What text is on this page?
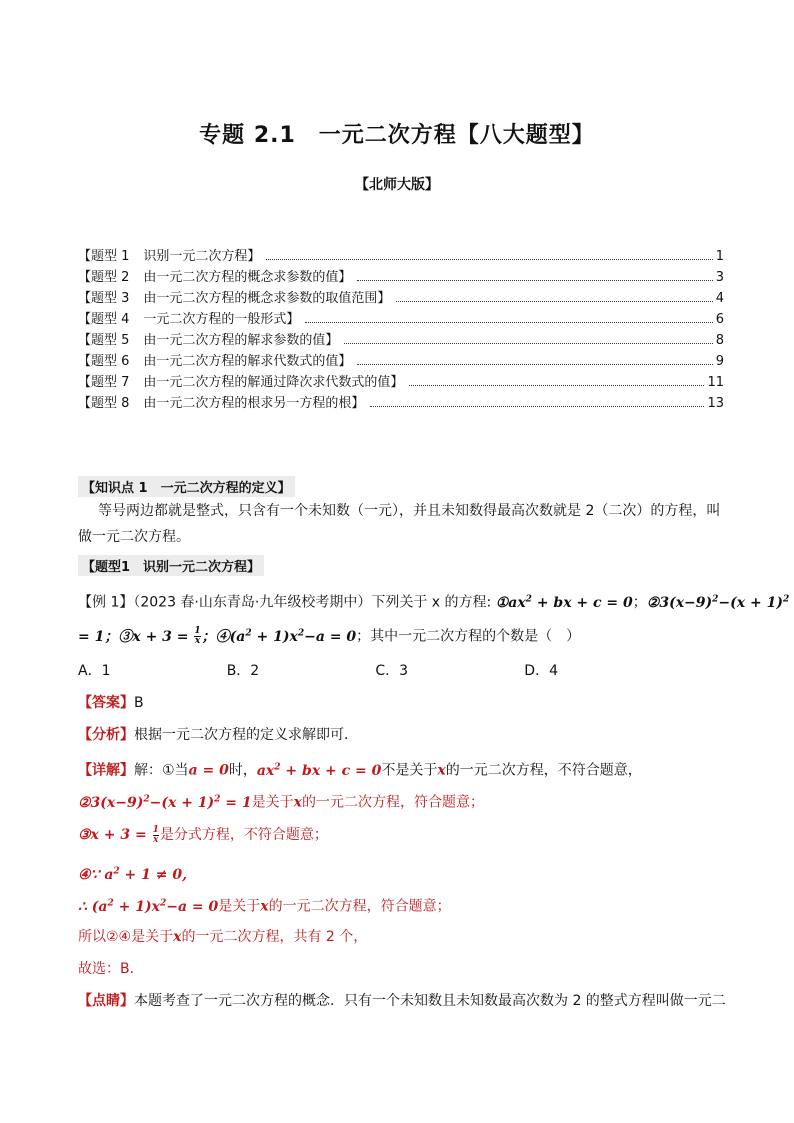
专题 2.1　一元二次方程【八大题型】
【北师大版】
【题型 1 识别一元二次方程】	1
【题型 2 由一元二次方程的概念求参数的值】	3
【题型 3 由一元二次方程的概念求参数的取值范围】	4
【题型 4 一元二次方程的一般形式】	6
【题型 5 由一元二次方程的解求参数的值】	8
【题型 6 由一元二次方程的解求代数式的值】	9
【题型 7 由一元二次方程的解通过降次求代数式的值】	11
【题型 8 由一元二次方程的根求另一方程的根】	13
【知识点 1　一元二次方程的定义】
等号两边都就是整式，只含有一个未知数（一元），并且未知数得最高次数就是 2（二次）的方程，叫
做一元二次方程。
【题型1　识别一元二次方程】
【例 1】（2023 春·山东青岛·九年级校考期中）下列关于 x 的方程: $①ax^2$ + bx + c = 0；$②3(x-9)^2-(x + 1)^2$
= 1；③x + $3 = \frac{1}{x}$ ；$④(a^2 + 1)x^2-a = 0$；其中一元二次方程的个数是（　）
A．1	B．2	C．3	D．4
【答案】B
【分析】根据一元二次方程的定义求解即可．
【详解】解：①当a = 0时，$ax^2$ + bx + c = 0不是关于x的一元二次方程，不符合题意，
$②3(x-9)^2-(x + 1)^2 = 1$是关于x的一元二次方程，符合题意；
③x + $3 = \frac{1}{x}$ 是分式方程，不符合题意；
④∵ $a^2 + 1 \ne 0$,
∴ $(a^2 + 1)x^2-a = 0$是关于x的一元二次方程，符合题意；
所以②④是关于x的一元二次方程，共有 2 个，
故选：B．
【点睛】本题考查了一元二次方程的概念．只有一个未知数且未知数最高次数为 2 的整式方程叫做一元二
